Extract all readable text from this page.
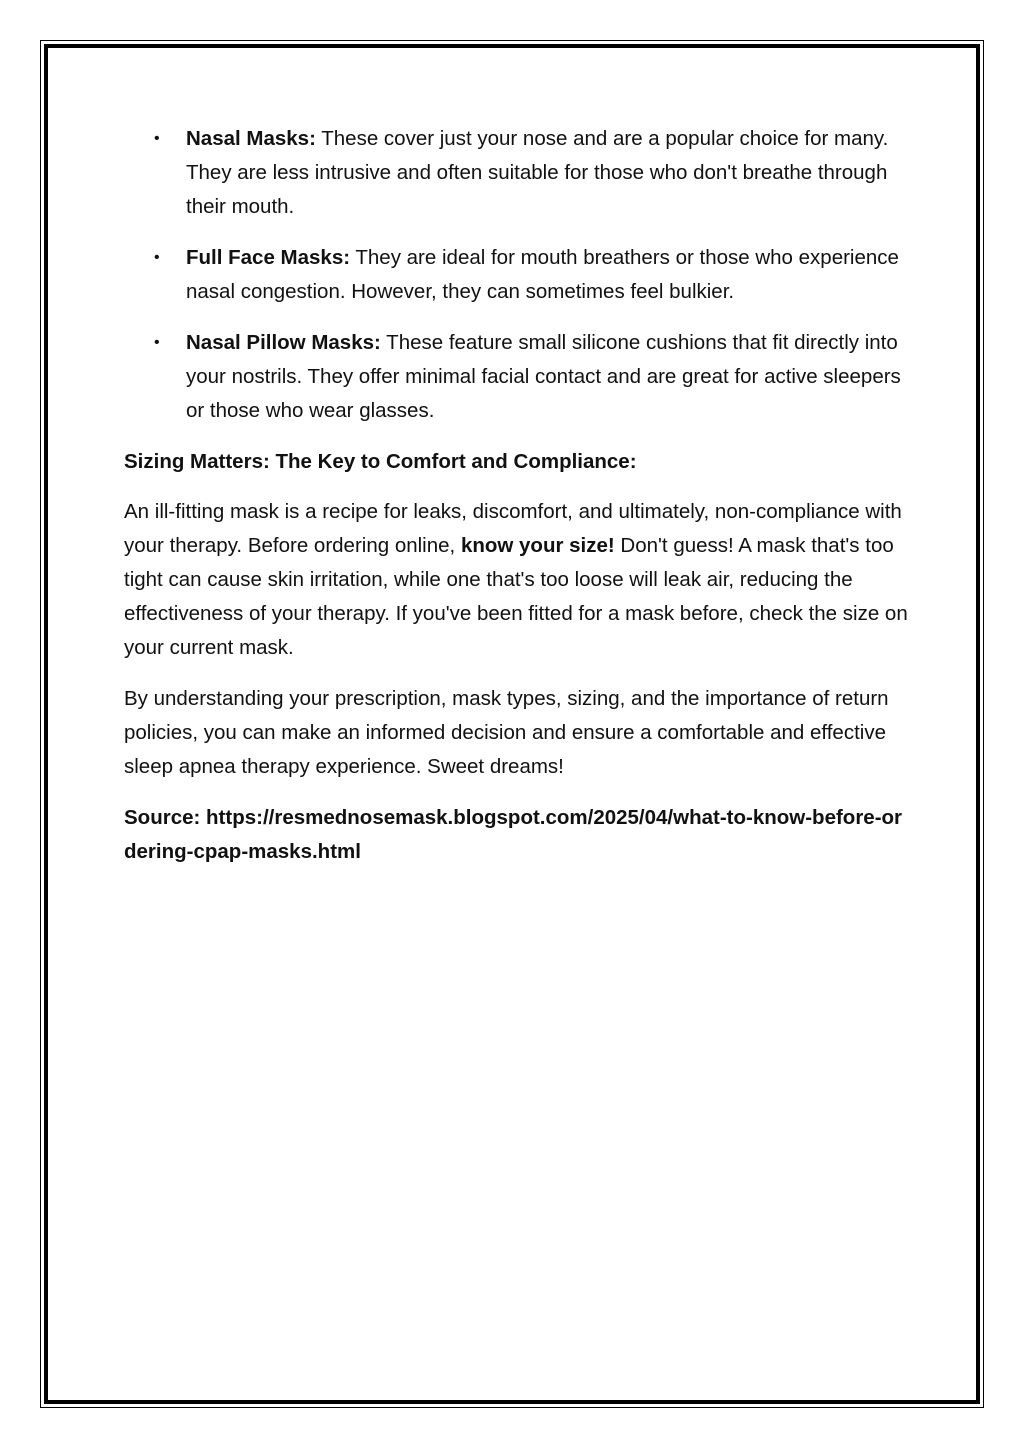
• Nasal Masks: These cover just your nose and are a popular choice for many. They are less intrusive and often suitable for those who don't breathe through their mouth.
• Full Face Masks: They are ideal for mouth breathers or those who experience nasal congestion. However, they can sometimes feel bulkier.
• Nasal Pillow Masks: These feature small silicone cushions that fit directly into your nostrils. They offer minimal facial contact and are great for active sleepers or those who wear glasses.

Sizing Matters: The Key to Comfort and Compliance:

An ill-fitting mask is a recipe for leaks, discomfort, and ultimately, non-compliance with your therapy. Before ordering online, know your size! Don't guess! A mask that's too tight can cause skin irritation, while one that's too loose will leak air, reducing the effectiveness of your therapy. If you've been fitted for a mask before, check the size on your current mask.

By understanding your prescription, mask types, sizing, and the importance of return policies, you can make an informed decision and ensure a comfortable and effective sleep apnea therapy experience. Sweet dreams!

Source: https://resmednosemask.blogspot.com/2025/04/what-to-know-before-ordering-cpap-masks.html
